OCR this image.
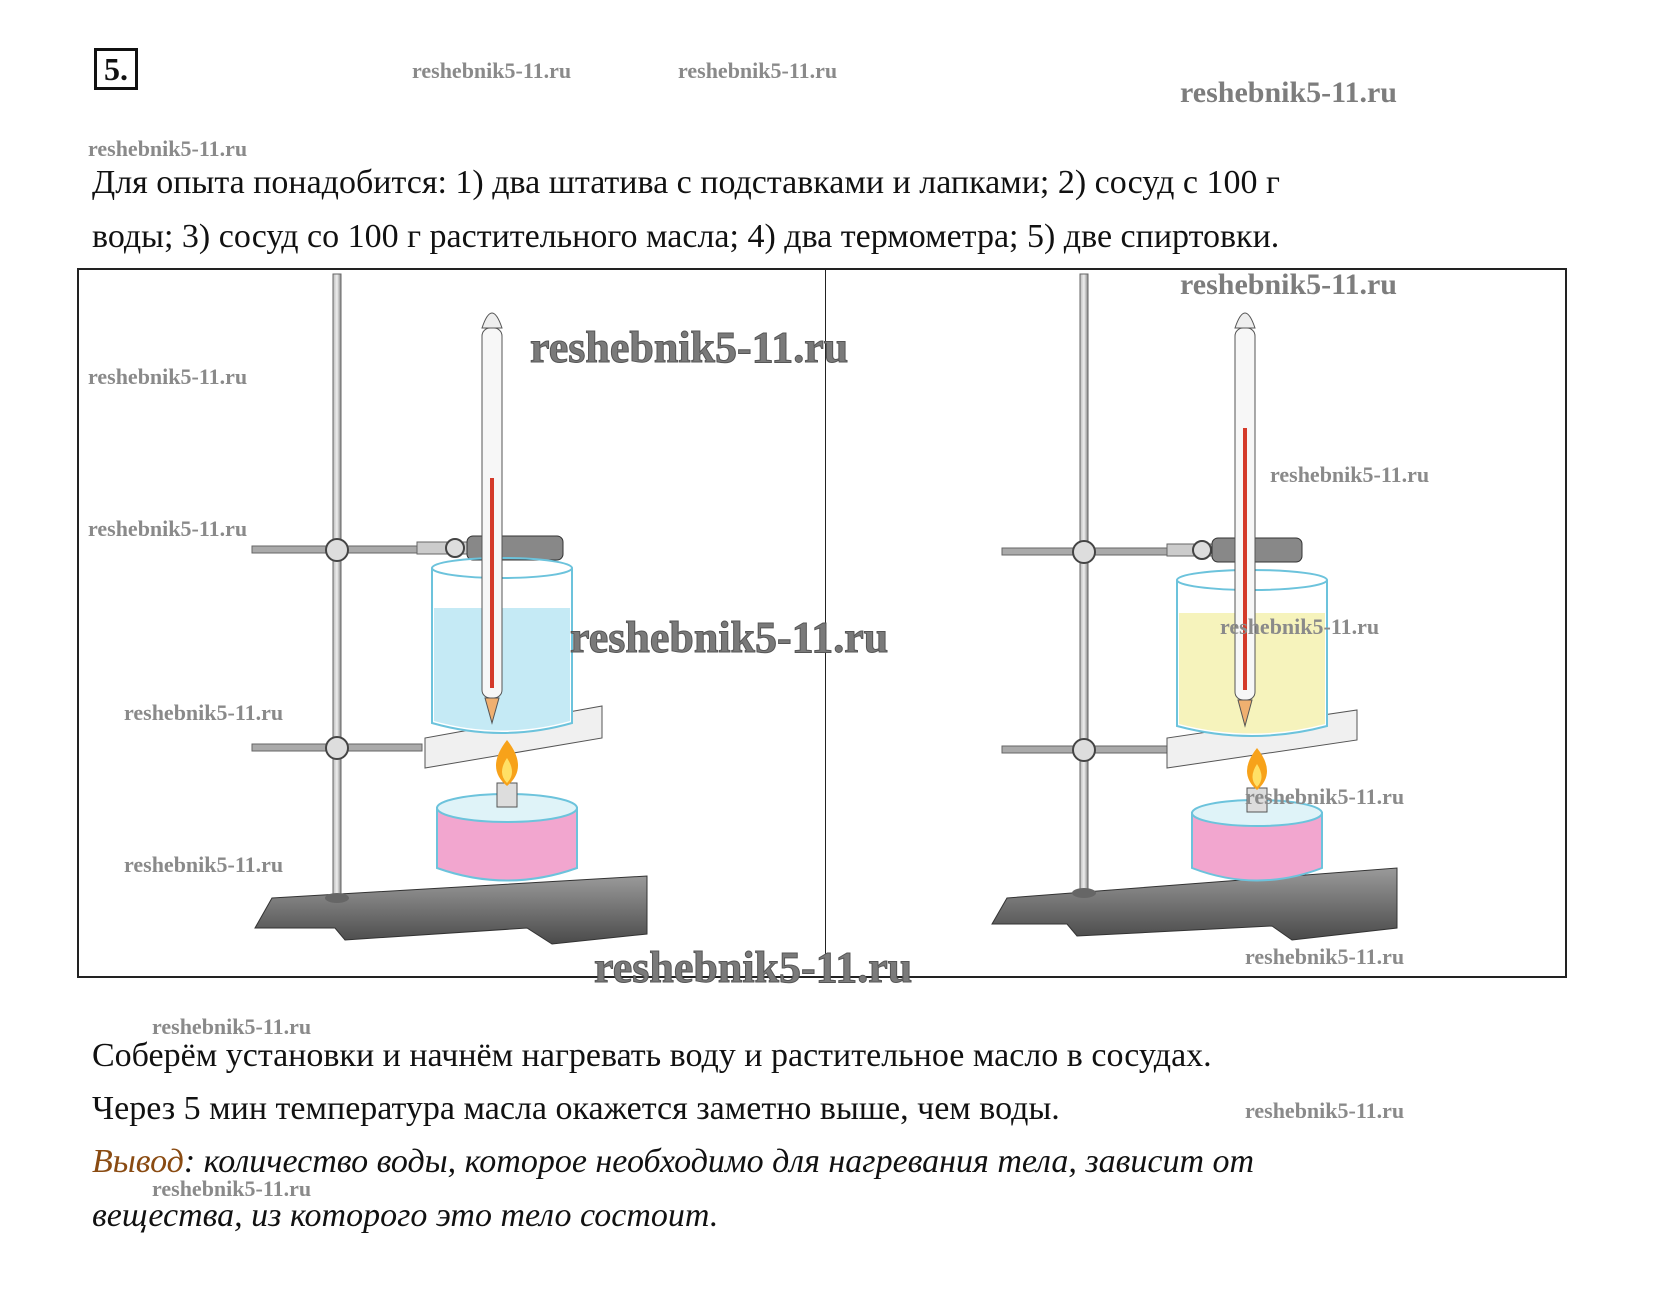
5.	reshebnik5-11.ru	reshebnik5-11.ru
reshebnik5-11.ru
reshebnik5-11.ru
Для опыта понадобится: 1) два штатива с подставками и лапками; 2) сосуд с 100 г
воды; 3) сосуд со 100 г растительного масла; 4) два термометра; 5) две спиртовки.
reshebnik5-11.ru
reshebnik5-11.ru
reshebnik5-11.ru
reshebnik5-11.ru
reshebnik5-11.ru
reshebnik5-11.ru	reshebnik5-11.ru
reshebnik5-11.ru
reshebnik5-11.ru
reshebnik5-11.ru
reshebnik5-11.ru	reshebnik5-11.ru
reshebnik5-11.ru
reshebnik5-11.ru
Соберём установки и начнём нагревать воду и растительное масло в сосудах.
Через 5 мин температура масла окажется заметно выше, чем воды.
Вывод: количество воды, которое необходимо для нагревания тела, зависит от
reshebnik5-11.ru
вещества, из которого это тело состоит.
